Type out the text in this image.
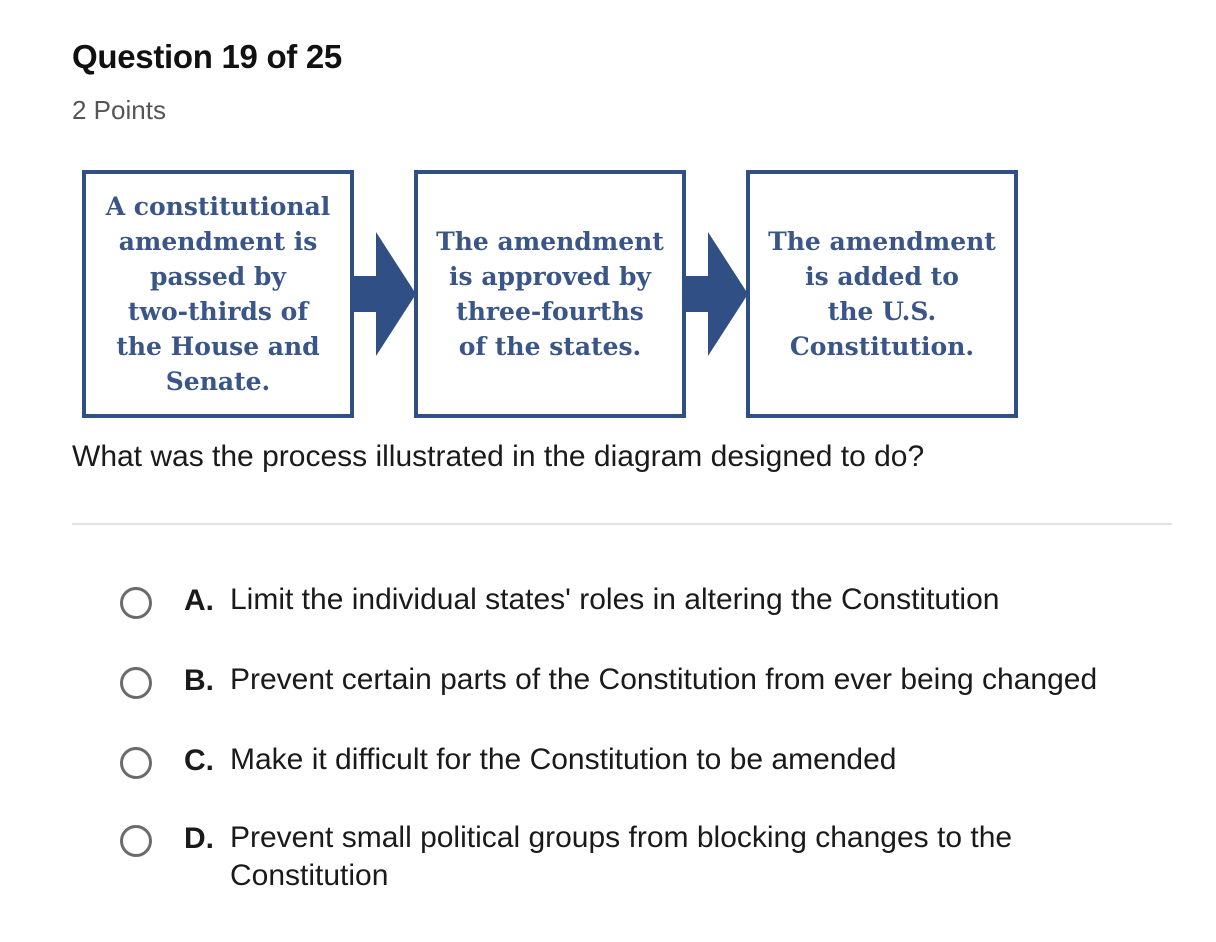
Question 19 of 25
2 Points
A constitutional
amendment is
passed by
two-thirds of
the House and
Senate.
The amendment
is approved by
three-fourths
of the states.
The amendment
is added to
the U.S.
Constitution.
What was the process illustrated in the diagram designed to do?
A. Limit the individual states' roles in altering the Constitution
B. Prevent certain parts of the Constitution from ever being changed
C. Make it difficult for the Constitution to be amended
D. Prevent small political groups from blocking changes to the Constitution
